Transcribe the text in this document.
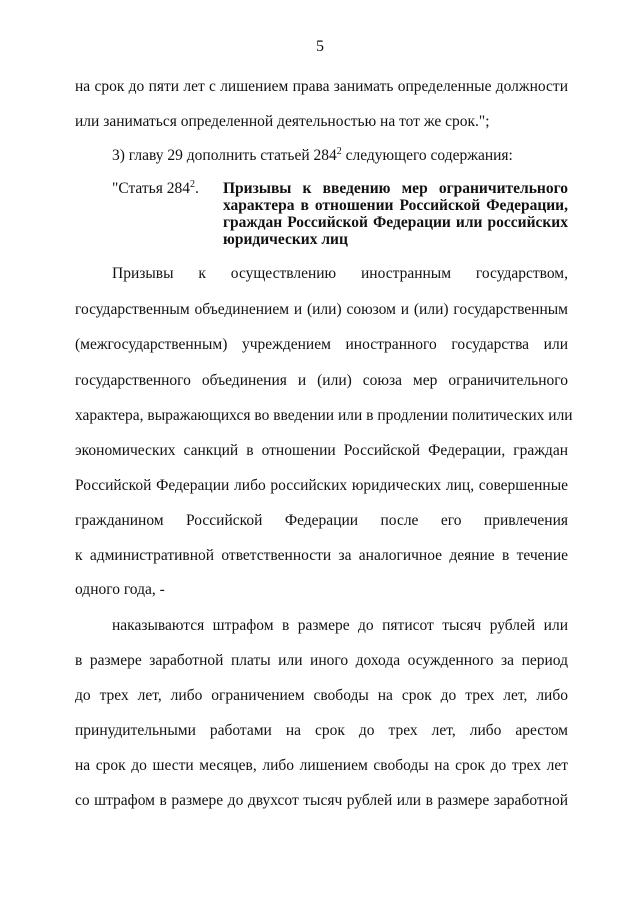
5
на срок до пяти лет с лишением права занимать определенные должности
или заниматься определенной деятельностью на тот же срок.";
3) главу 29 дополнить статьей $284^2$ следующего содержания:
"Статья $284^2$. Призывы к введению мер ограничительного
характера в отношении Российской Федерации,
граждан Российской Федерации или российских
юридических лиц
Призывы к осуществлению иностранным государством,
государственным объединением и (или) союзом и (или) государственным
(межгосударственным) учреждением иностранного государства или
государственного объединения и (или) союза мер ограничительного
характера, выражающихся во введении или в продлении политических или
экономических санкций в отношении Российской Федерации, граждан
Российской Федерации либо российских юридических лиц, совершенные
гражданином Российской Федерации после его привлечения
к административной ответственности за аналогичное деяние в течение
одного года, -
наказываются штрафом в размере до пятисот тысяч рублей или
в размере заработной платы или иного дохода осужденного за период
до трех лет, либо ограничением свободы на срок до трех лет, либо
принудительными работами на срок до трех лет, либо арестом
на срок до шести месяцев, либо лишением свободы на срок до трех лет
со штрафом в размере до двухсот тысяч рублей или в размере заработной
